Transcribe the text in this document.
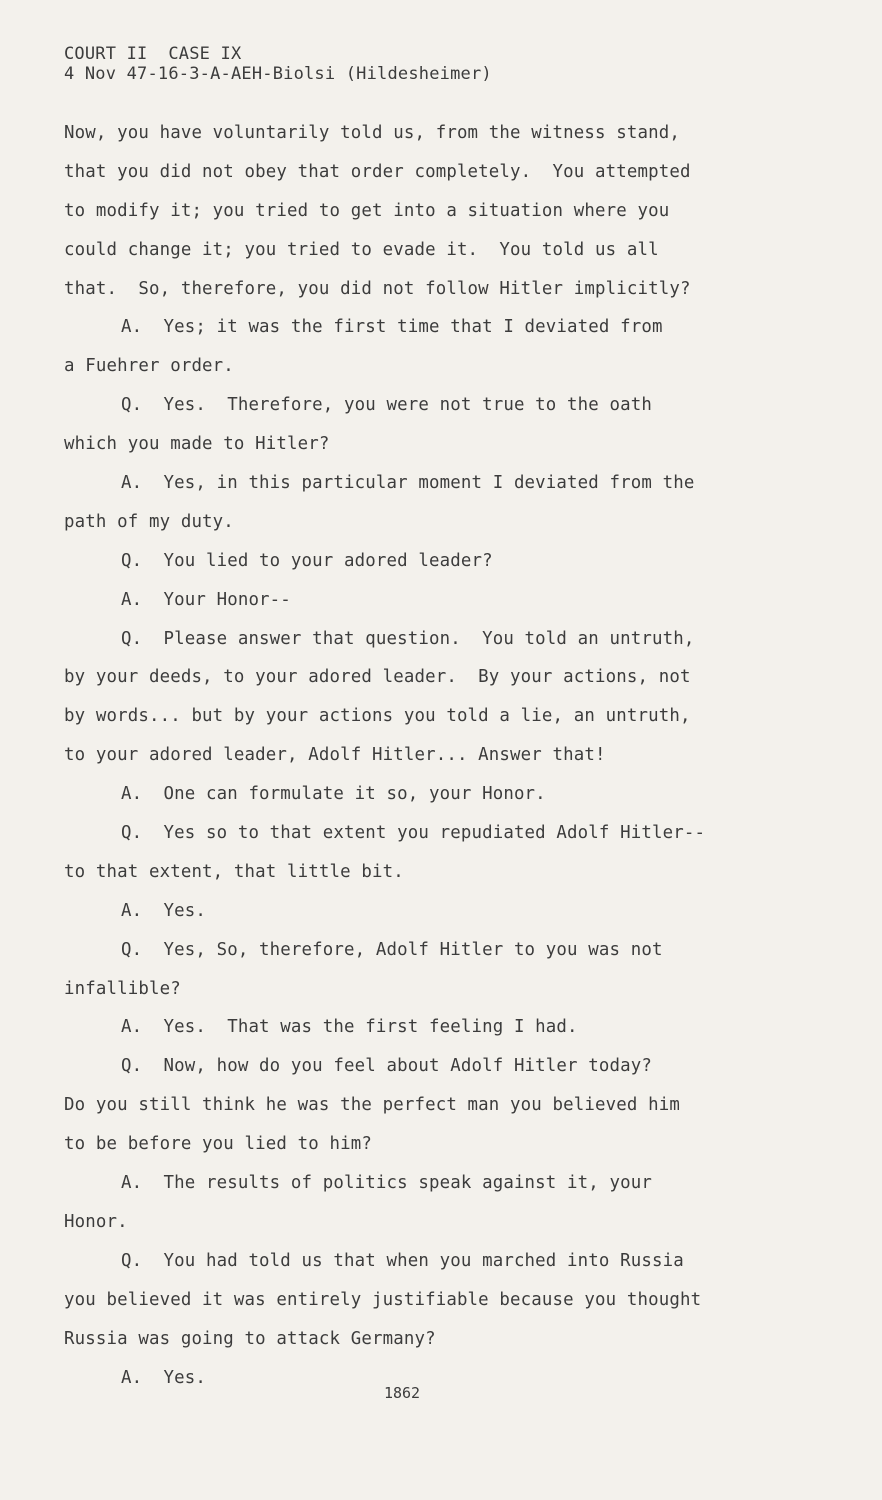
COURT II  CASE IX
4 Nov 47-16-3-A-AEH-Biolsi (Hildesheimer)
Now, you have voluntarily told us, from the witness stand,
that you did not obey that order completely.  You attempted
to modify it; you tried to get into a situation where you
could change it; you tried to evade it.  You told us all
that.  So, therefore, you did not follow Hitler implicitly?
A.  Yes; it was the first time that I deviated from
a Fuehrer order.
Q.  Yes.  Therefore, you were not true to the oath
which you made to Hitler?
A.  Yes, in this particular moment I deviated from the
path of my duty.
Q.  You lied to your adored leader?
A.  Your Honor--
Q.  Please answer that question.  You told an untruth,
by your deeds, to your adored leader.  By your actions, not
by words... but by your actions you told a lie, an untruth,
to your adored leader, Adolf Hitler... Answer that!
A.  One can formulate it so, your Honor.
Q.  Yes so to that extent you repudiated Adolf Hitler--
to that extent, that little bit.
A.  Yes.
Q.  Yes, So, therefore, Adolf Hitler to you was not
infallible?
A.  Yes.  That was the first feeling I had.
Q.  Now, how do you feel about Adolf Hitler today?
Do you still think he was the perfect man you believed him
to be before you lied to him?
A.  The results of politics speak against it, your
Honor.
Q.  You had told us that when you marched into Russia
you believed it was entirely justifiable because you thought
Russia was going to attack Germany?
A.  Yes.
1862
